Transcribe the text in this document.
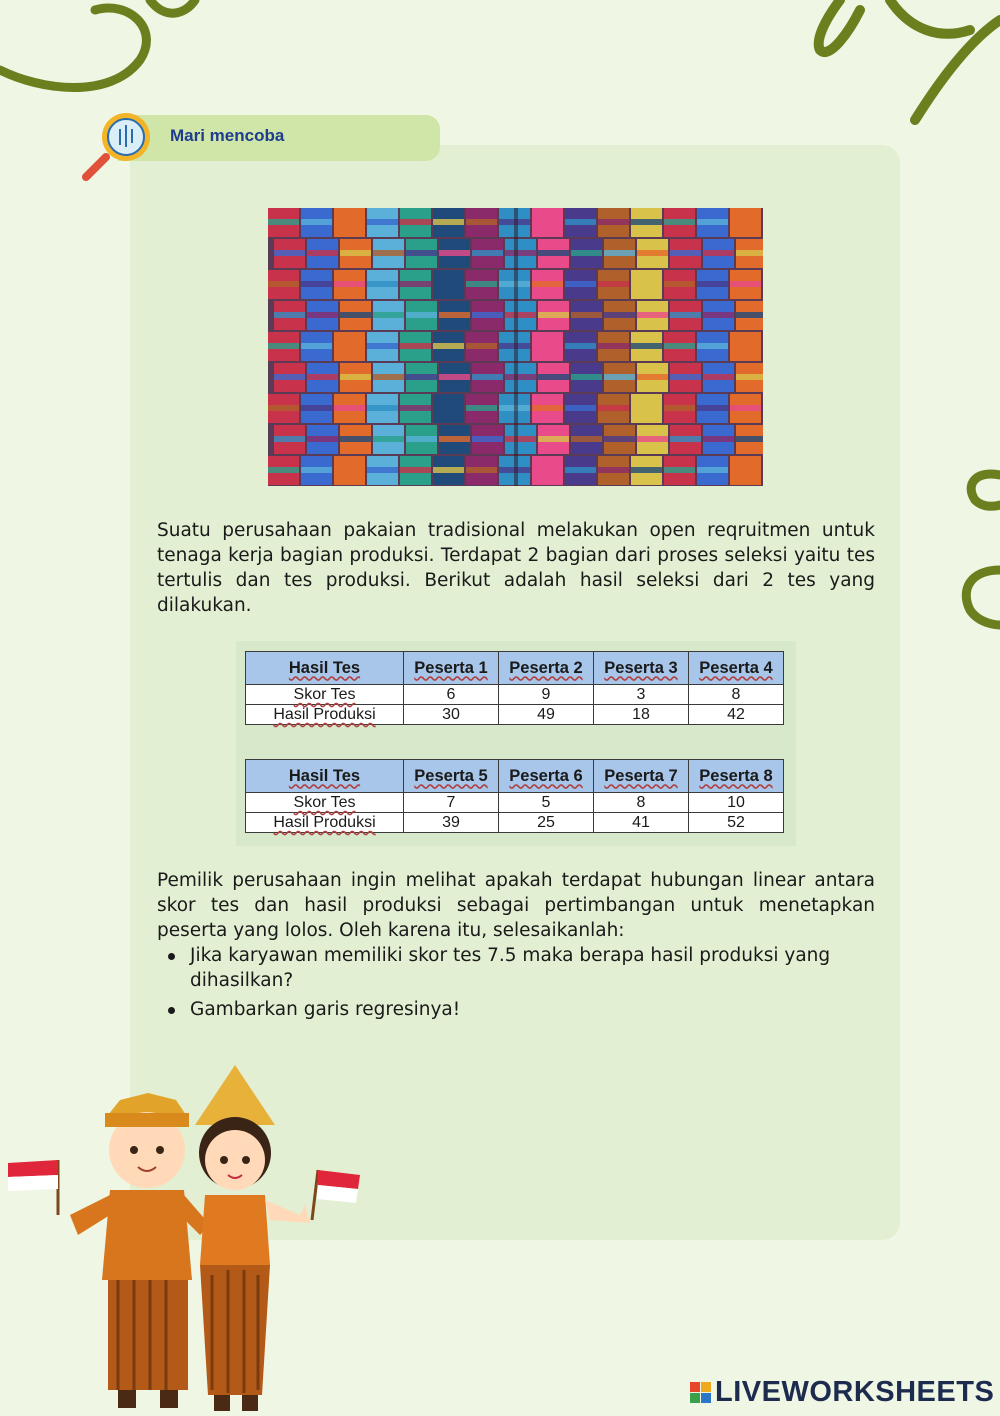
Mari mencoba
Suatu perusahaan pakaian tradisional melakukan open reqruitmen untuk tenaga kerja bagian produksi. Terdapat 2 bagian dari proses seleksi yaitu tes tertulis dan tes produksi. Berikut adalah hasil seleksi dari 2 tes yang dilakukan.
Hasil Tes	Peserta 1	Peserta 2	Peserta 3	Peserta 4
Skor Tes	6	9	3	8
Hasil Produksi	30	49	18	42
Hasil Tes	Peserta 5	Peserta 6	Peserta 7	Peserta 8
Skor Tes	7	5	8	10
Hasil Produksi	39	25	41	52
Pemilik perusahaan ingin melihat apakah terdapat hubungan linear antara skor tes dan hasil produksi sebagai pertimbangan untuk menetapkan peserta yang lolos. Oleh karena itu, selesaikanlah:
Jika karyawan memiliki skor tes 7.5 maka berapa hasil produksi yang dihasilkan?
Gambarkan garis regresinya!
LIVEWORKSHEETS
